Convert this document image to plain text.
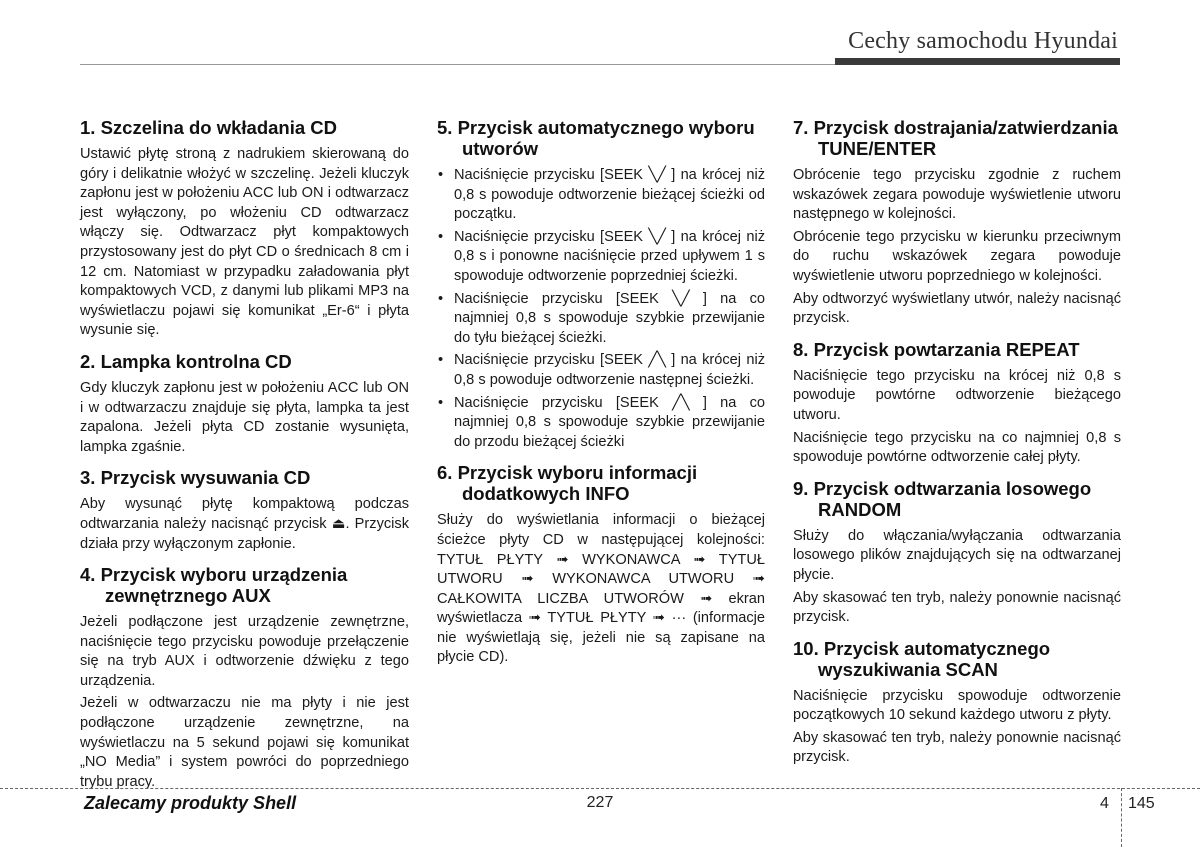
Cechy samochodu Hyundai
1. Szczelina do wkładania CD

Ustawić płytę stroną z nadrukiem skierowaną do góry i delikatnie włożyć w szczelinę. Jeżeli kluczyk zapłonu jest w położeniu ACC lub ON i odtwarzacz jest wyłączony, po włożeniu CD odtwarzacz włączy się. Odtwarzacz płyt kompaktowych przystosowany jest do płyt CD o średnicach 8 cm i 12 cm. Natomiast w przypadku załadowania płyt kompaktowych VCD, z danymi lub plikami MP3 na wyświetlaczu pojawi się komunikat „Er-6“ i płyta wysunie się.

2. Lampka kontrolna CD

Gdy kluczyk zapłonu jest w położeniu ACC lub ON i w odtwarzaczu znajduje się płyta, lampka ta jest zapalona. Jeżeli płyta CD zostanie wysunięta, lampka zgaśnie.

3. Przycisk wysuwania CD

Aby wysunąć płytę kompaktową podczas odtwarzania należy nacisnąć przycisk ⏏. Przycisk działa przy wyłączonym zapłonie.

4. Przycisk wyboru urządzenia zewnętrznego AUX

Jeżeli podłączone jest urządzenie zewnętrzne, naciśnięcie tego przycisku powoduje przełączenie się na tryb AUX i odtworzenie dźwięku z tego urządzenia.

Jeżeli w odtwarzaczu nie ma płyty i nie jest podłączone urządzenie zewnętrzne, na wyświetlaczu na 5 sekund pojawi się komunikat „NO Media” i system powróci do poprzedniego trybu pracy.

5. Przycisk automatycznego wyboru utworów
• Naciśnięcie przycisku [SEEK ╲╱ ] na krócej niż 0,8 s powoduje odtworzenie bieżącej ścieżki od początku.
• Naciśnięcie przycisku [SEEK ╲╱ ] na krócej niż 0,8 s i ponowne naciśnięcie przed upływem 1 s spowoduje odtworzenie poprzedniej ścieżki.
• Naciśnięcie przycisku [SEEK ╲╱ ] na co najmniej 0,8 s spowoduje szybkie przewijanie do tyłu bieżącej ścieżki.
• Naciśnięcie przycisku [SEEK ╱╲ ] na krócej niż 0,8 s powoduje odtworzenie następnej ścieżki.
• Naciśnięcie przycisku [SEEK ╱╲ ] na co najmniej 0,8 s spowoduje szybkie przewijanie do przodu bieżącej ścieżki
6. Przycisk wyboru informacji dodatkowych INFO

Służy do wyświetlania informacji o bieżącej ścieżce płyty CD w następującej kolejności: TYTUŁ PŁYTY ➟ WYKONAWCA ➟ TYTUŁ UTWORU ➟ WYKONAWCA UTWORU ➟ CAŁKOWITA LICZBA UTWORÓW ➟ ekran wyświetlacza ➟ TYTUŁ PŁYTY ➟ ··· (informacje nie wyświetlają się, jeżeli nie są zapisane na płycie CD).

7. Przycisk dostrajania/zatwierdzania TUNE/ENTER

Obrócenie tego przycisku zgodnie z ruchem wskazówek zegara powoduje wyświetlenie utworu następnego w kolejności.

Obrócenie tego przycisku w kierunku przeciwnym do ruchu wskazówek zegara powoduje wyświetlenie utworu poprzedniego w kolejności.

Aby odtworzyć wyświetlany utwór, należy nacisnąć przycisk.

8. Przycisk powtarzania REPEAT

Naciśnięcie tego przycisku na krócej niż 0,8 s powoduje powtórne odtworzenie bieżącego utworu.

Naciśnięcie tego przycisku na co najmniej 0,8 s spowoduje powtórne odtworzenie całej płyty.

9. Przycisk odtwarzania losowego RANDOM

Służy do włączania/wyłączania odtwarzania losowego plików znajdujących się na odtwarzanej płycie.

Aby skasować ten tryb, należy ponownie nacisnąć przycisk.

10. Przycisk automatycznego wyszukiwania SCAN

Naciśnięcie przycisku spowoduje odtworzenie początkowych 10 sekund każdego utworu z płyty.

Aby skasować ten tryb, należy ponownie nacisnąć przycisk.

Zalecamy produkty Shell	227	4 145
